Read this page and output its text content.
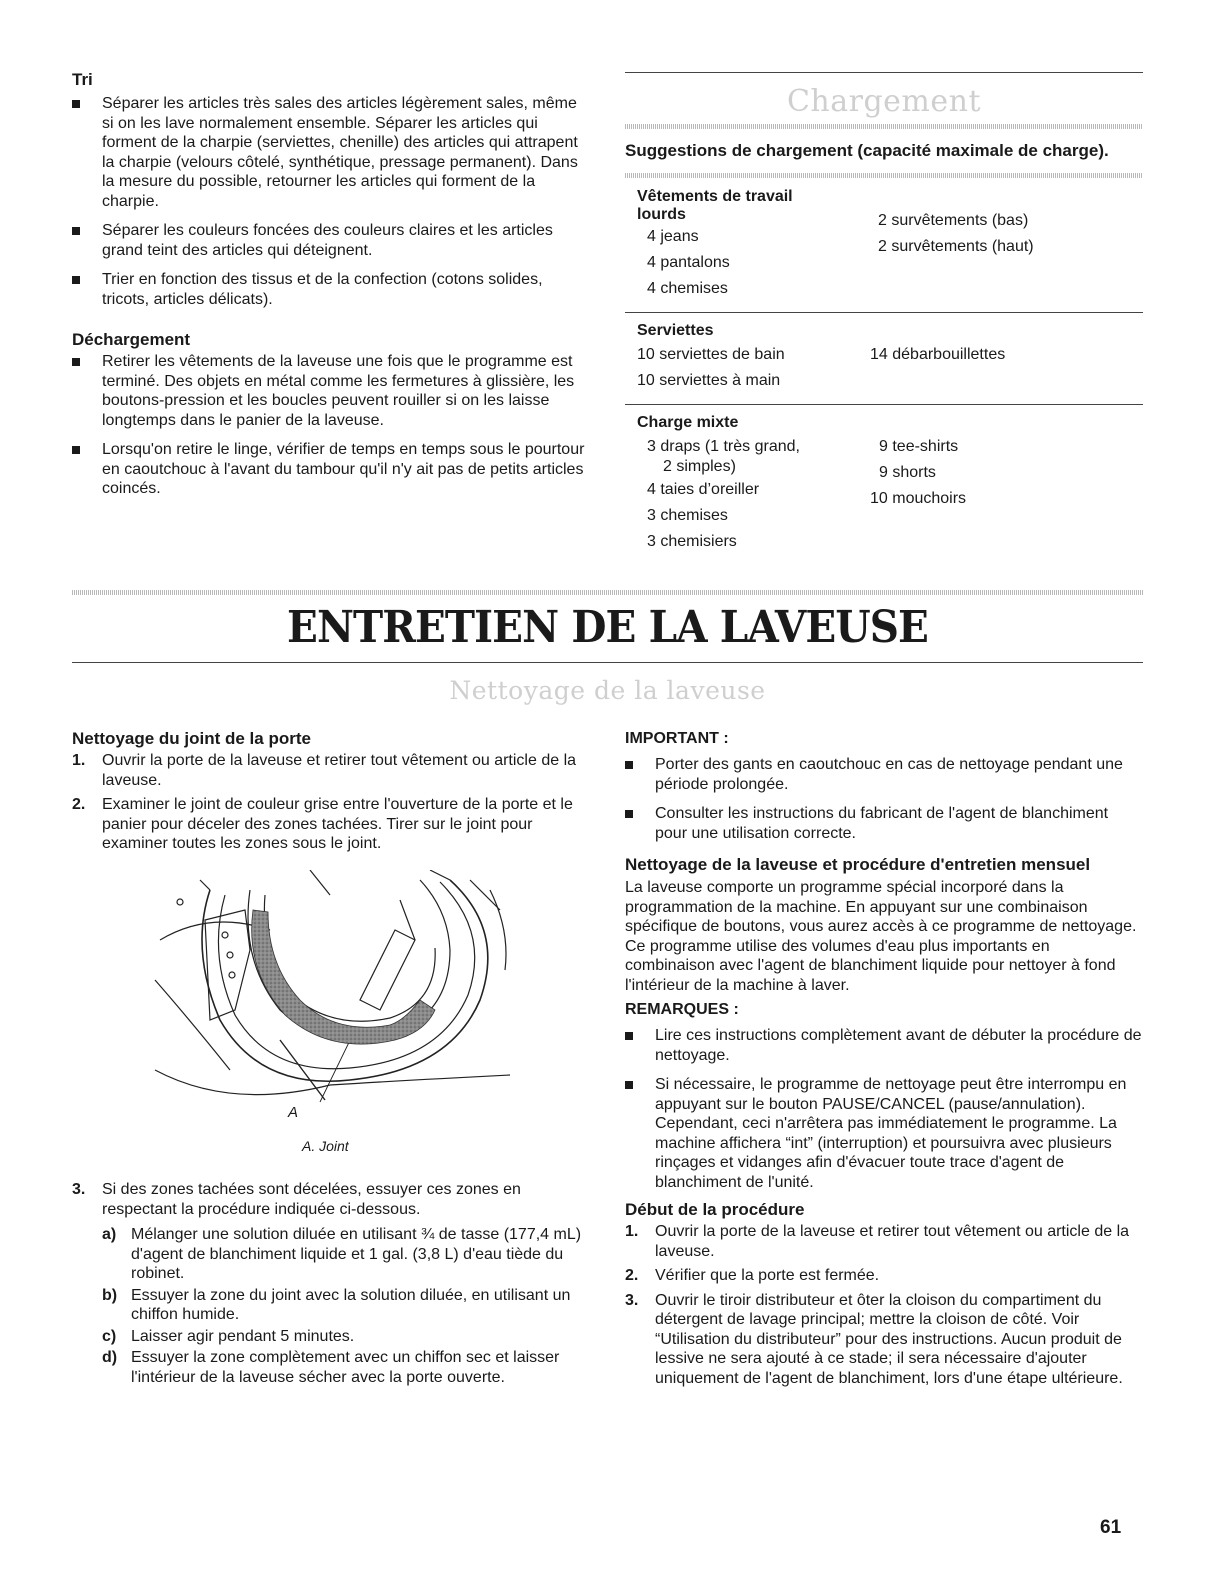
Tri
Séparer les articles très sales des articles légèrement sales, même si on les lave normalement ensemble. Séparer les articles qui forment de la charpie (serviettes, chenille) des articles qui attrapent la charpie (velours côtelé, synthétique, pressage permanent). Dans la mesure du possible, retourner les articles qui forment de la charpie.
Séparer les couleurs foncées des couleurs claires et les articles grand teint des articles qui déteignent.
Trier en fonction des tissus et de la confection (cotons solides, tricots, articles délicats).
Déchargement
Retirer les vêtements de la laveuse une fois que le programme est terminé. Des objets en métal comme les fermetures à glissière, les boutons-pression et les boucles peuvent rouiller si on les laisse longtemps dans le panier de la laveuse.
Lorsqu'on retire le linge, vérifier de temps en temps sous le pourtour en caoutchouc à l'avant du tambour qu'il n'y ait pas de petits articles coincés.
Chargement
Suggestions de chargement (capacité maximale de charge).
Vêtements de travail lourds
4 jeans
4 pantalons
4 chemises
2 survêtements (bas)
2 survêtements (haut)
Serviettes
10 serviettes de bain
10 serviettes à main
14 débarbouillettes
Charge mixte
3 draps (1 très grand,
2 simples)
4 taies d’oreiller
3 chemises
3 chemisiers
9 tee-shirts
9 shorts
10 mouchoirs
ENTRETIEN DE LA LAVEUSE
Nettoyage de la laveuse
Nettoyage du joint de la porte
1. Ouvrir la porte de la laveuse et retirer tout vêtement ou article de la laveuse.
2. Examiner le joint de couleur grise entre l'ouverture de la porte et le panier pour déceler des zones tachées. Tirer sur le joint pour examiner toutes les zones sous le joint.
A
A. Joint
3. Si des zones tachées sont décelées, essuyer ces zones en respectant la procédure indiquée ci-dessous.
a) Mélanger une solution diluée en utilisant ¾ de tasse (177,4 mL) d'agent de blanchiment liquide et 1 gal. (3,8 L) d'eau tiède du robinet.
b) Essuyer la zone du joint avec la solution diluée, en utilisant un chiffon humide.
c) Laisser agir pendant 5 minutes.
d) Essuyer la zone complètement avec un chiffon sec et laisser l'intérieur de la laveuse sécher avec la porte ouverte.
IMPORTANT :
Porter des gants en caoutchouc en cas de nettoyage pendant une période prolongée.
Consulter les instructions du fabricant de l'agent de blanchiment pour une utilisation correcte.
Nettoyage de la laveuse et procédure d'entretien mensuel
La laveuse comporte un programme spécial incorporé dans la programmation de la machine. En appuyant sur une combinaison spécifique de boutons, vous aurez accès à ce programme de nettoyage. Ce programme utilise des volumes d'eau plus importants en combinaison avec l'agent de blanchiment liquide pour nettoyer à fond l'intérieur de la machine à laver.
REMARQUES :
Lire ces instructions complètement avant de débuter la procédure de nettoyage.
Si nécessaire, le programme de nettoyage peut être interrompu en appuyant sur le bouton PAUSE/CANCEL (pause/annulation). Cependant, ceci n'arrêtera pas immédiatement le programme. La machine affichera “int” (interruption) et poursuivra avec plusieurs rinçages et vidanges afin d'évacuer toute trace d'agent de blanchiment de l'unité.
Début de la procédure
1. Ouvrir la porte de la laveuse et retirer tout vêtement ou article de la laveuse.
2. Vérifier que la porte est fermée.
3. Ouvrir le tiroir distributeur et ôter la cloison du compartiment du détergent de lavage principal; mettre la cloison de côté. Voir “Utilisation du distributeur” pour des instructions. Aucun produit de lessive ne sera ajouté à ce stade; il sera nécessaire d'ajouter uniquement de l'agent de blanchiment, lors d'une étape ultérieure.
61
